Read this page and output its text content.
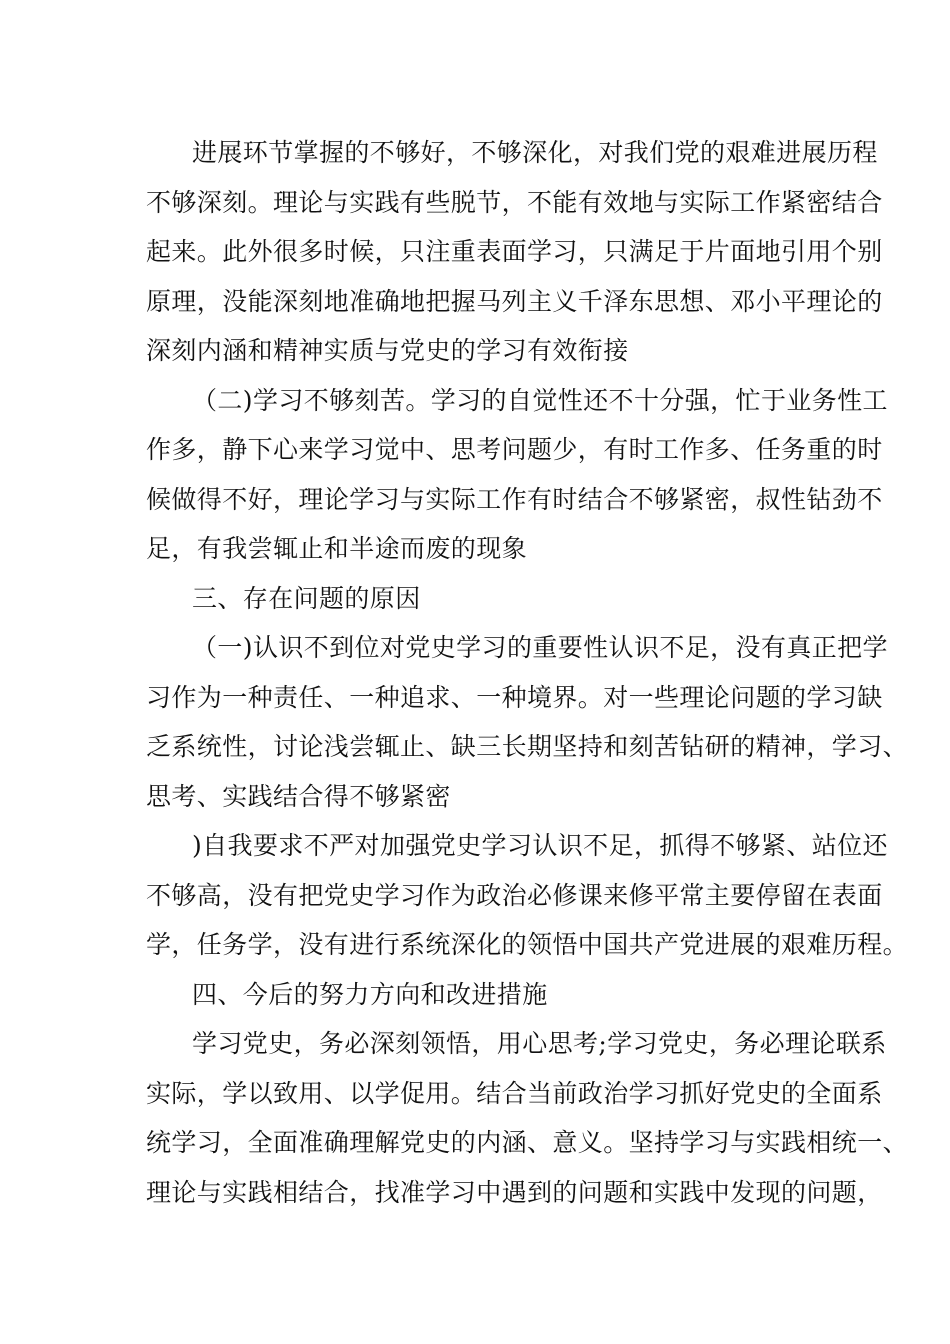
进展环节掌握的不够好，不够深化，对我们党的艰难进展历程
不够深刻。理论与实践有些脱节，不能有效地与实际工作紧密结合
起来。此外很多时候，只注重表面学习，只满足于片面地引用个别
原理，没能深刻地准确地把握马列主义千泽东思想、邓小平理论的
深刻内涵和精神实质与党史的学习有效衔接
（二)学习不够刻苦。学习的自觉性还不十分强，忙于业务性工
作多，静下心来学习觉中、思考问题少，有时工作多、任务重的时
候做得不好，理论学习与实际工作有时结合不够紧密，叔性钻劲不
足，有我尝辄止和半途而废的现象
三、存在问题的原因
（一)认识不到位对党史学习的重要性认识不足，没有真正把学
习作为一种责任、一种追求、一种境界。对一些理论问题的学习缺
乏系统性，讨论浅尝辄止、缺三长期坚持和刻苦钻研的精神，学习、
思考、实践结合得不够紧密
)自我要求不严对加强党史学习认识不足，抓得不够紧、站位还
不够高，没有把党史学习作为政治必修课来修平常主要停留在表面
学，任务学，没有进行系统深化的领悟中国共产党进展的艰难历程。
四、今后的努力方向和改进措施
学习党史，务必深刻领悟，用心思考;学习党史，务必理论联系
实际，学以致用、以学促用。结合当前政治学习抓好党史的全面系
统学习，全面准确理解党史的内涵、意义。坚持学习与实践相统一、
理论与实践相结合，找准学习中遇到的问题和实践中发现的问题，
